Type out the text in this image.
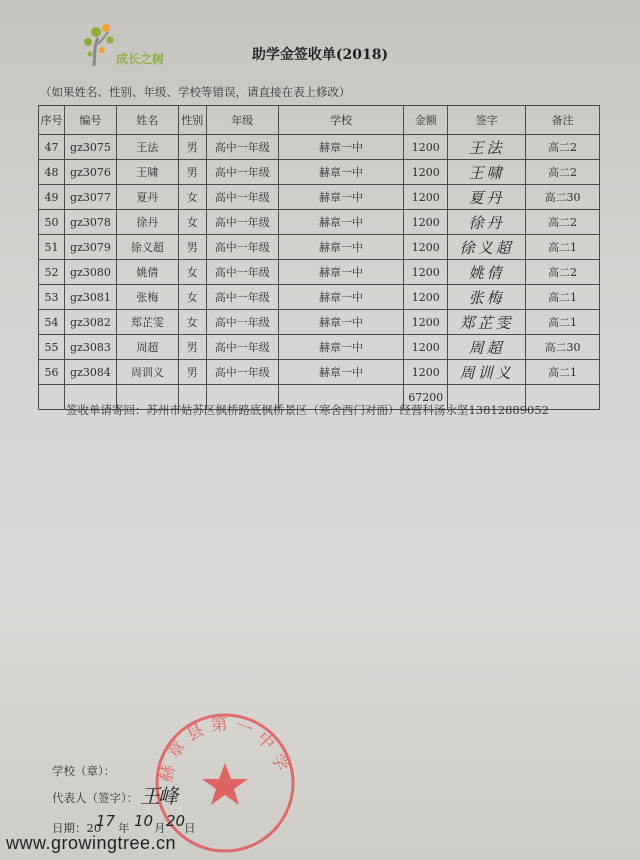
成长之树	助学金签收单(2018)
（如果姓名、性别、年级、学校等错误，请直接在表上修改）
序号	编号	姓名	性别	年级	学校	金额	签字	备注
47	gz3075	王法	男	高中一年级	赫章一中	1200	王法	高二2
48	gz3076	王啸	男	高中一年级	赫章一中	1200	王啸	高二2
49	gz3077	夏丹	女	高中一年级	赫章一中	1200	夏丹	高二30
50	gz3078	徐丹	女	高中一年级	赫章一中	1200	徐丹	高二2
51	gz3079	徐义超	男	高中一年级	赫章一中	1200	徐义超	高二1
52	gz3080	姚倩	女	高中一年级	赫章一中	1200	姚倩	高二2
53	gz3081	张梅	女	高中一年级	赫章一中	1200	张梅	高二1
54	gz3082	郑芷雯	女	高中一年级	赫章一中	1200	郑芷雯	高二1
55	gz3083	周超	男	高中一年级	赫章一中	1200	周超	高二30
56	gz3084	周训义	男	高中一年级	赫章一中	1200	周训义	高二1
						67200		
签收单请寄回：苏州市姑苏区枫桥路底枫桥景区（寒舍西门对面）经营科汤永坚13812889052
赫章县第一中学
学校（章）：
代表人（签字）： 王峰
日期：20
17 年 10 月 20
日
www.growingtree.cn
